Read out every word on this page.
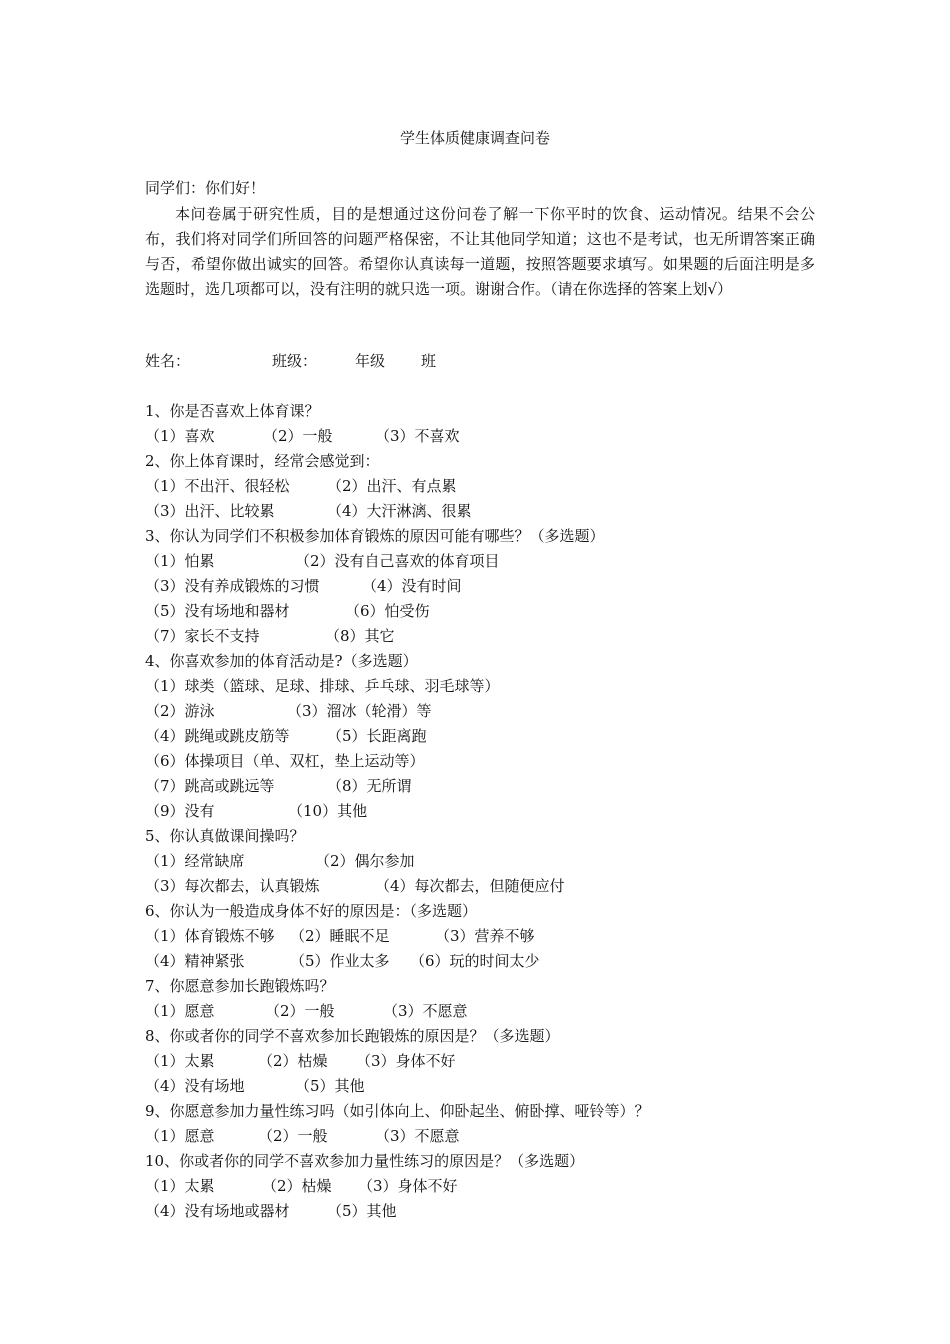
学生体质健康调查问卷
同学们：你们好！

本问卷属于研究性质，目的是想通过这份问卷了解一下你平时的饮食、运动情况。结果不会公布，我们将对同学们所回答的问题严格保密，不让其他同学知道；这也不是考试，也无所谓答案正确与否，希望你做出诚实的回答。希望你认真读每一道题，按照答题要求填写。如果题的后面注明是多选题时，选几项都可以，没有注明的就只选一项。谢谢合作。（请在你选择的答案上划√）

姓名：	班级：	年级 班
1、你是否喜欢上体育课？
（1）喜欢	（2）一般	（3）不喜欢
2、你上体育课时，经常会感觉到：
（1）不出汗、很轻松 （2）出汗、有点累
（3）出汗、比较累	（4）大汗淋漓、很累
3、你认为同学们不积极参加体育锻炼的原因可能有哪些？（多选题）
（1）怕累	（2）没有自己喜欢的体育项目
（3）没有养成锻炼的习惯	（4）没有时间
（5）没有场地和器材	（6）怕受伤
（7）家长不支持	（8）其它
4、你喜欢参加的体育活动是?（多选题）
（1）球类（篮球、足球、排球、乒乓球、羽毛球等）
（2）游泳	（3）溜冰（轮滑）等
（4）跳绳或跳皮筋等 （5）长距离跑
（6）体操项目（单、双杠，垫上运动等）
（7）跳高或跳远等	（8）无所谓
（9）没有	（10）其他
5、你认真做课间操吗？
（1）经常缺席	（2）偶尔参加
（3）每次都去，认真锻炼	（4）每次都去，但随便应付
6、你认为一般造成身体不好的原因是：（多选题）
（1）体育锻炼不够 （2）睡眠不足	（3）营养不够
（4）精神紧张	（5）作业太多 （6）玩的时间太少
7、你愿意参加长跑锻炼吗？
（1）愿意	（2）一般	（3）不愿意
8、你或者你的同学不喜欢参加长跑锻炼的原因是？（多选题）
（1）太累	（2）枯燥 （3）身体不好
（4）没有场地	（5）其他
9、你愿意参加力量性练习吗（如引体向上、仰卧起坐、俯卧撑、哑铃等）？
（1）愿意	（2）一般	（3）不愿意
10、你或者你的同学不喜欢参加力量性练习的原因是？（多选题）
（1）太累	（2）枯燥 （3）身体不好
（4）没有场地或器材 （5）其他
